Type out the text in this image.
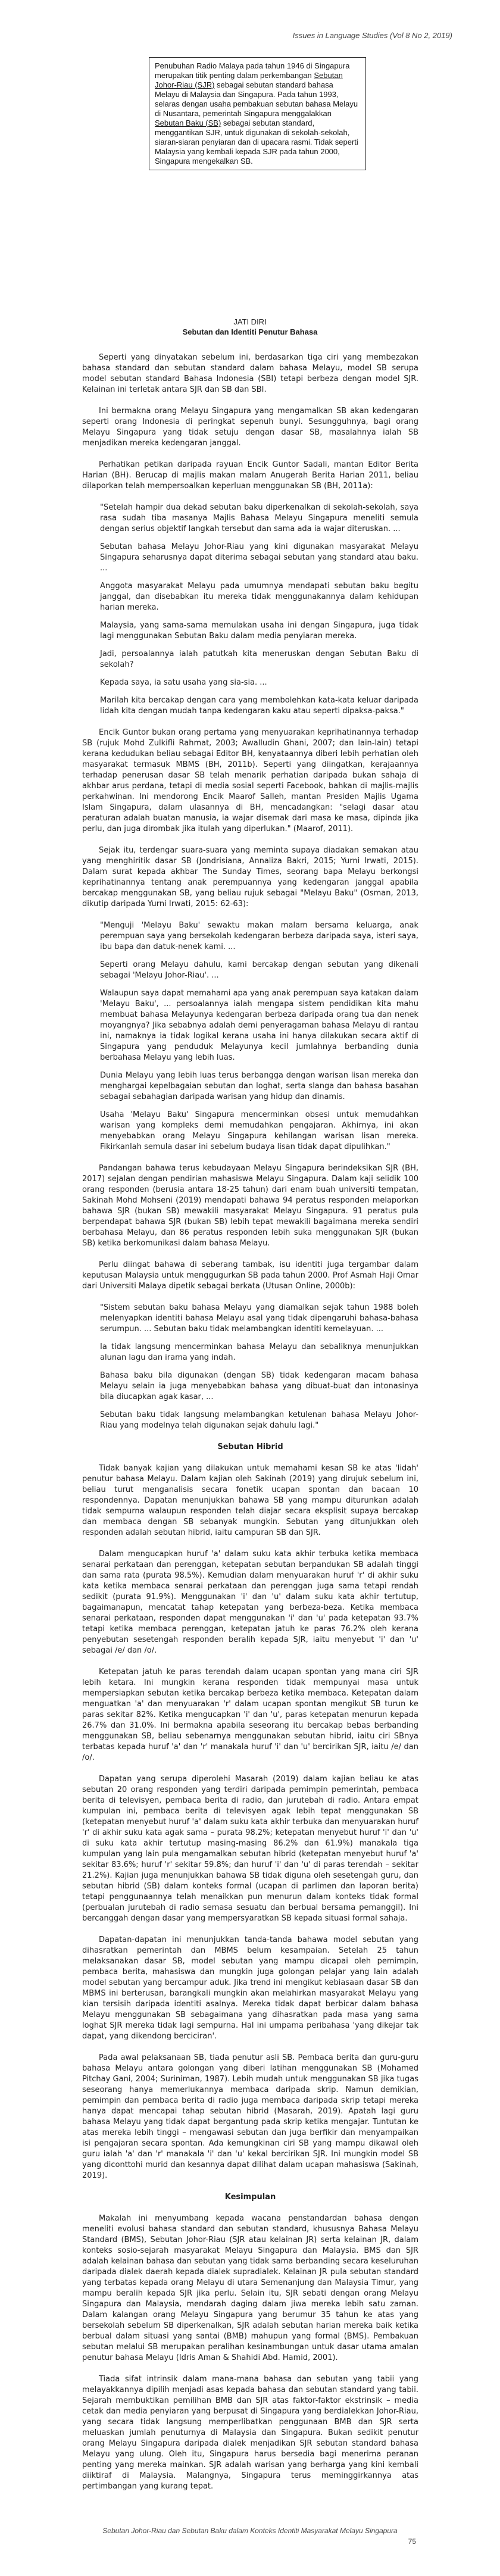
Issues in Language Studies (Vol 8 No 2, 2019)
Penubuhan Radio Malaya pada tahun 1946 di Singapura merupakan titik penting dalam perkembangan Sebutan Johor-Riau (SJR) sebagai sebutan standard bahasa Melayu di Malaysia dan Singapura. Pada tahun 1993, selaras dengan usaha pembakuan sebutan bahasa Melayu di Nusantara, pemerintah Singapura menggalakkan Sebutan Baku (SB) sebagai sebutan standard, menggantikan SJR, untuk digunakan di sekolah-sekolah, siaran-siaran penyiaran dan di upacara rasmi. Tidak seperti Malaysia yang kembali kepada SJR pada tahun 2000, Singapura mengekalkan SB.
JATI DIRI
Sebutan dan Identiti Penutur Bahasa

Seperti yang dinyatakan sebelum ini, berdasarkan tiga ciri yang membezakan bahasa standard dan sebutan standard dalam bahasa Melayu, model SB serupa model sebutan standard Bahasa Indonesia (SBI) tetapi berbeza dengan model SJR. Kelainan ini terletak antara SJR dan SB dan SBI.

Ini bermakna orang Melayu Singapura yang mengamalkan SB akan kedengaran seperti orang Indonesia di peringkat sepenuh bunyi. Sesungguhnya, bagi orang Melayu Singapura yang tidak setuju dengan dasar SB, masalahnya ialah SB menjadikan mereka kedengaran janggal.

Perhatikan petikan daripada rayuan Encik Guntor Sadali, mantan Editor Berita Harian (BH). Berucap di majlis makan malam Anugerah Berita Harian 2011, beliau dilaporkan telah mempersoalkan keperluan menggunakan SB (BH, 2011a):

"Setelah hampir dua dekad sebutan baku diperkenalkan di sekolah-sekolah, saya rasa sudah tiba masanya Majlis Bahasa Melayu Singapura meneliti semula dengan serius objektif langkah tersebut dan sama ada ia wajar diteruskan. ...

Sebutan bahasa Melayu Johor-Riau yang kini digunakan masyarakat Melayu Singapura seharusnya dapat diterima sebagai sebutan yang standard atau baku. ...

Anggota masyarakat Melayu pada umumnya mendapati sebutan baku begitu janggal, dan disebabkan itu mereka tidak menggunakannya dalam kehidupan harian mereka.

Malaysia, yang sama-sama memulakan usaha ini dengan Singapura, juga tidak lagi menggunakan Sebutan Baku dalam media penyiaran mereka.

Jadi, persoalannya ialah patutkah kita meneruskan dengan Sebutan Baku di sekolah?

Kepada saya, ia satu usaha yang sia-sia. ...

Marilah kita bercakap dengan cara yang membolehkan kata-kata keluar daripada lidah kita dengan mudah tanpa kedengaran kaku atau seperti dipaksa-paksa."

Encik Guntor bukan orang pertama yang menyuarakan keprihatinannya terhadap SB (rujuk Mohd Zulkifli Rahmat, 2003; Awalludin Ghani, 2007; dan lain-lain) tetapi kerana kedudukan beliau sebagai Editor BH, kenyataannya diberi lebih perhatian oleh masyarakat termasuk MBMS (BH, 2011b). Seperti yang diingatkan, kerajaannya terhadap penerusan dasar SB telah menarik perhatian daripada bukan sahaja di akhbar arus perdana, tetapi di media sosial seperti Facebook, bahkan di majlis-majlis perkahwinan. Ini mendorong Encik Maarof Salleh, mantan Presiden Majlis Ugama Islam Singapura, dalam ulasannya di BH, mencadangkan: "selagi dasar atau peraturan adalah buatan manusia, ia wajar disemak dari masa ke masa, dipinda jika perlu, dan juga dirombak jika itulah yang diperlukan." (Maarof, 2011).

Sejak itu, terdengar suara-suara yang meminta supaya diadakan semakan atau yang menghiritik dasar SB (Jondrisiana, Annaliza Bakri, 2015; Yurni Irwati, 2015). Dalam surat kepada akhbar The Sunday Times, seorang bapa Melayu berkongsi keprihatinannya tentang anak perempuannya yang kedengaran janggal apabila bercakap menggunakan SB, yang beliau rujuk sebagai "Melayu Baku" (Osman, 2013, dikutip daripada Yurni Irwati, 2015: 62-63):

"Menguji 'Melayu Baku' sewaktu makan malam bersama keluarga, anak perempuan saya yang bersekolah kedengaran berbeza daripada saya, isteri saya, ibu bapa dan datuk-nenek kami. ...

Seperti orang Melayu dahulu, kami bercakap dengan sebutan yang dikenali sebagai 'Melayu Johor-Riau'. ...

Walaupun saya dapat memahami apa yang anak perempuan saya katakan dalam 'Melayu Baku', ... persoalannya ialah mengapa sistem pendidikan kita mahu membuat bahasa Melayunya kedengaran berbeza daripada orang tua dan nenek moyangnya? Jika sebabnya adalah demi penyeragaman bahasa Melayu di rantau ini, namaknya ia tidak logikal kerana usaha ini hanya dilakukan secara aktif di Singapura yang penduduk Melayunya kecil jumlahnya berbanding dunia berbahasa Melayu yang lebih luas.

Dunia Melayu yang lebih luas terus berbangga dengan warisan lisan mereka dan menghargai kepelbagaian sebutan dan loghat, serta slanga dan bahasa basahan sebagai sebahagian daripada warisan yang hidup dan dinamis.

Usaha 'Melayu Baku' Singapura mencerminkan obsesi untuk memudahkan warisan yang kompleks demi memudahkan pengajaran. Akhirnya, ini akan menyebabkan orang Melayu Singapura kehilangan warisan lisan mereka. Fikirkanlah semula dasar ini sebelum budaya lisan tidak dapat dipulihkan."

Pandangan bahawa terus kebudayaan Melayu Singapura berindeksikan SJR (BH, 2017) sejalan dengan pendirian mahasiswa Melayu Singapura. Dalam kaji selidik 100 orang responden (berusia antara 18-25 tahun) dari enam buah universiti tempatan, Sakinah Mohd Mohseni (2019) mendapati bahawa 94 peratus responden melaporkan bahawa SJR (bukan SB) mewakili masyarakat Melayu Singapura. 91 peratus pula berpendapat bahawa SJR (bukan SB) lebih tepat mewakili bagaimana mereka sendiri berbahasa Melayu, dan 86 peratus responden lebih suka menggunakan SJR (bukan SB) ketika berkomunikasi dalam bahasa Melayu.

Perlu diingat bahawa di seberang tambak, isu identiti juga tergambar dalam keputusan Malaysia untuk menggugurkan SB pada tahun 2000. Prof Asmah Haji Omar dari Universiti Malaya dipetik sebagai berkata (Utusan Online, 2000b):

"Sistem sebutan baku bahasa Melayu yang diamalkan sejak tahun 1988 boleh melenyapkan identiti bahasa Melayu asal yang tidak dipengaruhi bahasa-bahasa serumpun. ... Sebutan baku tidak melambangkan identiti kemelayuan. ...

Ia tidak langsung mencerminkan bahasa Melayu dan sebaliknya menunjukkan alunan lagu dan irama yang indah.

Bahasa baku bila digunakan (dengan SB) tidak kedengaran macam bahasa Melayu selain ia juga menyebabkan bahasa yang dibuat-buat dan intonasinya bila diucapkan agak kasar, ...

Sebutan baku tidak langsung melambangkan ketulenan bahasa Melayu Johor-Riau yang modelnya telah digunakan sejak dahulu lagi."

Sebutan Hibrid

Tidak banyak kajian yang dilakukan untuk memahami kesan SB ke atas 'lidah' penutur bahasa Melayu. Dalam kajian oleh Sakinah (2019) yang dirujuk sebelum ini, beliau turut menganalisis secara fonetik ucapan spontan dan bacaan 10 respondennya. Dapatan menunjukkan bahawa SB yang mampu diturunkan adalah tidak sempurna walaupun responden telah diajar secara eksplisit supaya bercakap dan membaca dengan SB sebanyak mungkin. Sebutan yang ditunjukkan oleh responden adalah sebutan hibrid, iaitu campuran SB dan SJR.

Dalam mengucapkan huruf 'a' dalam suku kata akhir terbuka ketika membaca senarai perkataan dan perenggan, ketepatan sebutan berpandukan SB adalah tinggi dan sama rata (purata 98.5%). Kemudian dalam menyuarakan huruf 'r' di akhir suku kata ketika membaca senarai perkataan dan perenggan juga sama tetapi rendah sedikit (purata 91.9%). Menggunakan 'i' dan 'u' dalam suku kata akhir tertutup, bagaimanapun, mencatat tahap ketepatan yang berbeza-beza. Ketika membaca senarai perkataan, responden dapat menggunakan 'i' dan 'u' pada ketepatan 93.7% tetapi ketika membaca perenggan, ketepatan jatuh ke paras 76.2% oleh kerana penyebutan sesetengah responden beralih kepada SJR, iaitu menyebut 'i' dan 'u' sebagai /e/ dan /o/.

Ketepatan jatuh ke paras terendah dalam ucapan spontan yang mana ciri SJR lebih ketara. Ini mungkin kerana responden tidak mempunyai masa untuk mempersiapkan sebutan ketika bercakap berbeza ketika membaca. Ketepatan dalam menguatkan 'a' dan menyuarakan 'r' dalam ucapan spontan mengikut SB turun ke paras sekitar 82%. Ketika mengucapkan 'i' dan 'u', paras ketepatan menurun kepada 26.7% dan 31.0%. Ini bermakna apabila seseorang itu bercakap bebas berbanding menggunakan SB, beliau sebenarnya menggunakan sebutan hibrid, iaitu ciri SBnya terbatas kepada huruf 'a' dan 'r' manakala huruf 'i' dan 'u' bercirikan SJR, iaitu /e/ dan /o/.

Dapatan yang serupa diperolehi Masarah (2019) dalam kajian beliau ke atas sebutan 20 orang responden yang terdiri daripada pemimpin pemerintah, pembaca berita di televisyen, pembaca berita di radio, dan jurutebah di radio. Antara empat kumpulan ini, pembaca berita di televisyen agak lebih tepat menggunakan SB (ketepatan menyebut huruf 'a' dalam suku kata akhir terbuka dan menyuarakan huruf 'r' di akhir suku kata agak sama – purata 98.2%; ketepatan menyebut huruf 'i' dan 'u' di suku kata akhir tertutup masing-masing 86.2% dan 61.9%) manakala tiga kumpulan yang lain pula mengamalkan sebutan hibrid (ketepatan menyebut huruf 'a' sekitar 83.6%; huruf 'r' sekitar 59.8%; dan huruf 'i' dan 'u' di paras terendah – sekitar 21.2%). Kajian juga menunjukkan bahawa SB tidak diguna oleh sesetengah guru, dan sebutan hibrid (SB) dalam konteks formal (ucapan di parlimen dan laporan berita) tetapi penggunaannya telah menaikkan pun menurun dalam konteks tidak formal (perbualan jurutebah di radio semasa sesuatu dan berbual bersama pemanggil). Ini bercanggah dengan dasar yang mempersyaratkan SB kepada situasi formal sahaja.

Dapatan-dapatan ini menunjukkan tanda-tanda bahawa model sebutan yang dihasratkan pemerintah dan MBMS belum kesampaian. Setelah 25 tahun melaksanakan dasar SB, model sebutan yang mampu dicapai oleh pemimpin, pembaca berita, mahasiswa dan mungkin juga golongan pelajar yang lain adalah model sebutan yang bercampur aduk. Jika trend ini mengikut kebiasaan dasar SB dan MBMS ini berterusan, barangkali mungkin akan melahirkan masyarakat Melayu yang kian tersisih daripada identiti asalnya. Mereka tidak dapat berbicar dalam bahasa Melayu menggunakan SB sebagaimana yang dihasratkan pada masa yang sama loghat SJR mereka tidak lagi sempurna. Hal ini umpama peribahasa 'yang dikejar tak dapat, yang dikendong berciciran'.

Pada awal pelaksanaan SB, tiada penutur asli SB. Pembaca berita dan guru-guru bahasa Melayu antara golongan yang diberi latihan menggunakan SB (Mohamed Pitchay Gani, 2004; Suriniman, 1987). Lebih mudah untuk menggunakan SB jika tugas seseorang hanya memerlukannya membaca daripada skrip. Namun demikian, pemimpin dan pembaca berita di radio juga membaca daripada skrip tetapi mereka hanya dapat mencapai tahap sebutan hibrid (Masarah, 2019). Apatah lagi guru bahasa Melayu yang tidak dapat bergantung pada skrip ketika mengajar. Tuntutan ke atas mereka lebih tinggi – mengawasi sebutan dan juga berfikir dan menyampaikan isi pengajaran secara spontan. Ada kemungkinan ciri SB yang mampu dikawal oleh guru ialah 'a' dan 'r' manakala 'i' dan 'u' kekal bercirikan SJR. Ini mungkin model SB yang diconttohi murid dan kesannya dapat dilihat dalam ucapan mahasiswa (Sakinah, 2019).

Kesimpulan

Makalah ini menyumbang kepada wacana penstandardan bahasa dengan meneliti evolusi bahasa standard dan sebutan standard, khususnya Bahasa Melayu Standard (BMS), Sebutan Johor-Riau (SJR atau kelainan JR) serta kelainan JR, dalam konteks sosio-sejarah masyarakat Melayu Singapura dan Malaysia. BMS dan SJR adalah kelainan bahasa dan sebutan yang tidak sama berbanding secara keseluruhan daripada dialek daerah kepada dialek supradialek. Kelainan JR pula sebutan standard yang terbatas kepada orang Melayu di utara Semenanjung dan Malaysia Timur, yang mampu beralih kepada SJR jika perlu. Selain itu, SJR sebati dengan orang Melayu Singapura dan Malaysia, mendarah daging dalam jiwa mereka lebih satu zaman. Dalam kalangan orang Melayu Singapura yang berumur 35 tahun ke atas yang bersekolah sebelum SB diperkenalkan, SJR adalah sebutan harian mereka baik ketika berbual dalam situasi yang santai (BMB) mahupun yang formal (BMS). Pembakuan sebutan melalui SB merupakan peralihan kesinambungan untuk dasar utama amalan penutur bahasa Melayu (Idris Aman & Shahidi Abd. Hamid, 2001).

Tiada sifat intrinsik dalam mana-mana bahasa dan sebutan yang tabii yang melayakkannya dipilih menjadi asas kepada bahasa dan sebutan standard yang tabii. Sejarah membuktikan pemilihan BMB dan SJR atas faktor-faktor ekstrinsik – media cetak dan media penyiaran yang berpusat di Singapura yang berdialekkan Johor-Riau, yang secara tidak langsung memperlibatkan penggunaan BMB dan SJR serta meluaskan jumlah penuturnya di Malaysia dan Singapura. Bukan sedikit penutur orang Melayu Singapura daripada dialek menjadikan SJR sebutan standard bahasa Melayu yang ulung. Oleh itu, Singapura harus bersedia bagi menerima peranan penting yang mereka mainkan. SJR adalah warisan yang berharga yang kini kembali diiktiraf di Malaysia. Malangnya, Singapura terus meminggirkannya atas pertimbangan yang kurang tepat.

Sebutan Johor-Riau dan Sebutan Baku dalam Konteks Identiti Masyarakat Melayu Singapura
75
